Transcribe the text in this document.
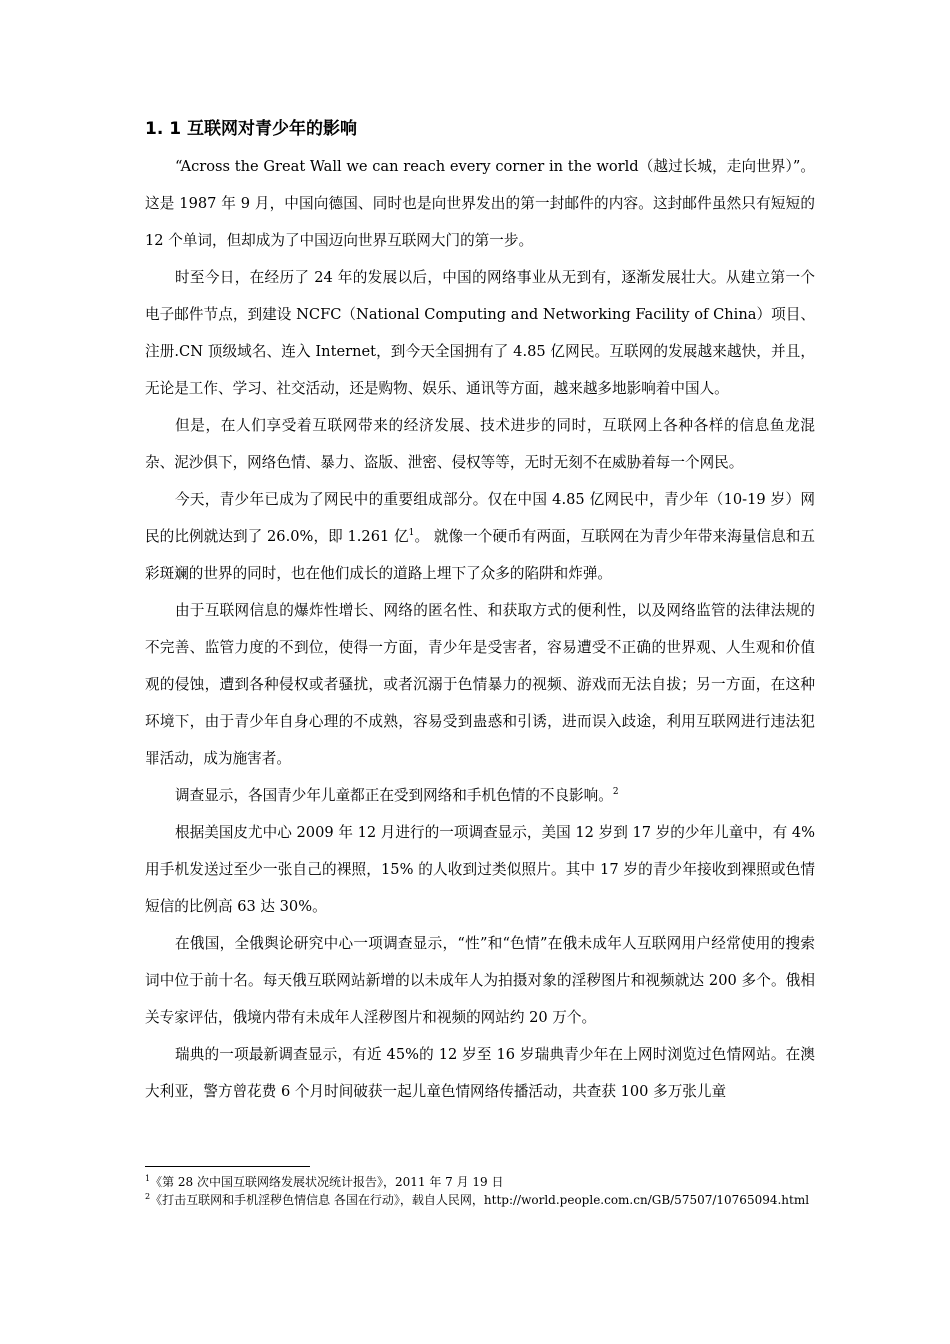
1. 1 互联网对青少年的影响

“Across the Great Wall we can reach every corner in the world（越过长城，走向世界）”。这是 1987 年 9 月，中国向德国、同时也是向世界发出的第一封邮件的内容。这封邮件虽然只有短短的 12 个单词，但却成为了中国迈向世界互联网大门的第一步。

时至今日，在经历了 24 年的发展以后，中国的网络事业从无到有，逐渐发展壮大。从建立第一个电子邮件节点，到建设 NCFC（National Computing and Networking Facility of China）项目、注册.CN 顶级域名、连入 Internet，到今天全国拥有了 4.85 亿网民。互联网的发展越来越快，并且，无论是工作、学习、社交活动，还是购物、娱乐、通讯等方面，越来越多地影响着中国人。

但是，在人们享受着互联网带来的经济发展、技术进步的同时，互联网上各种各样的信息鱼龙混杂、泥沙俱下，网络色情、暴力、盗版、泄密、侵权等等，无时无刻不在威胁着每一个网民。

今天，青少年已成为了网民中的重要组成部分。仅在中国 4.85 亿网民中，青少年（10-19 岁）网民的比例就达到了 26.0%，即 1.261 亿$^1$。 就像一个硬币有两面，互联网在为青少年带来海量信息和五彩斑斓的世界的同时，也在他们成长的道路上埋下了众多的陷阱和炸弹。

由于互联网信息的爆炸性增长、网络的匿名性、和获取方式的便利性，以及网络监管的法律法规的不完善、监管力度的不到位，使得一方面，青少年是受害者，容易遭受不正确的世界观、人生观和价值观的侵蚀，遭到各种侵权或者骚扰，或者沉溺于色情暴力的视频、游戏而无法自拔；另一方面，在这种环境下，由于青少年自身心理的不成熟，容易受到蛊惑和引诱，进而误入歧途，利用互联网进行违法犯罪活动，成为施害者。

调查显示，各国青少年儿童都正在受到网络和手机色情的不良影响。$^2$

根据美国皮尤中心 2009 年 12 月进行的一项调查显示，美国 12 岁到 17 岁的少年儿童中，有 4%用手机发送过至少一张自己的裸照，15% 的人收到过类似照片。其中 17 岁的青少年接收到裸照或色情短信的比例高 63 达 30%。

在俄国，全俄舆论研究中心一项调查显示，“性”和“色情”在俄未成年人互联网用户经常使用的搜索词中位于前十名。每天俄互联网站新增的以未成年人为拍摄对象的淫秽图片和视频就达 200 多个。俄相关专家评估，俄境内带有未成年人淫秽图片和视频的网站约 20 万个。

瑞典的一项最新调查显示，有近 45%的 12 岁至 16 岁瑞典青少年在上网时浏览过色情网站。在澳大利亚，警方曾花费 6 个月时间破获一起儿童色情网络传播活动，共查获 100 多万张儿童

$^1$《第 28 次中国互联网络发展状况统计报告》，2011 年 7 月 19 日

$^2$《打击互联网和手机淫秽色情信息 各国在行动》，载自人民网，http://world.people.com.cn/GB/57507/10765094.html
